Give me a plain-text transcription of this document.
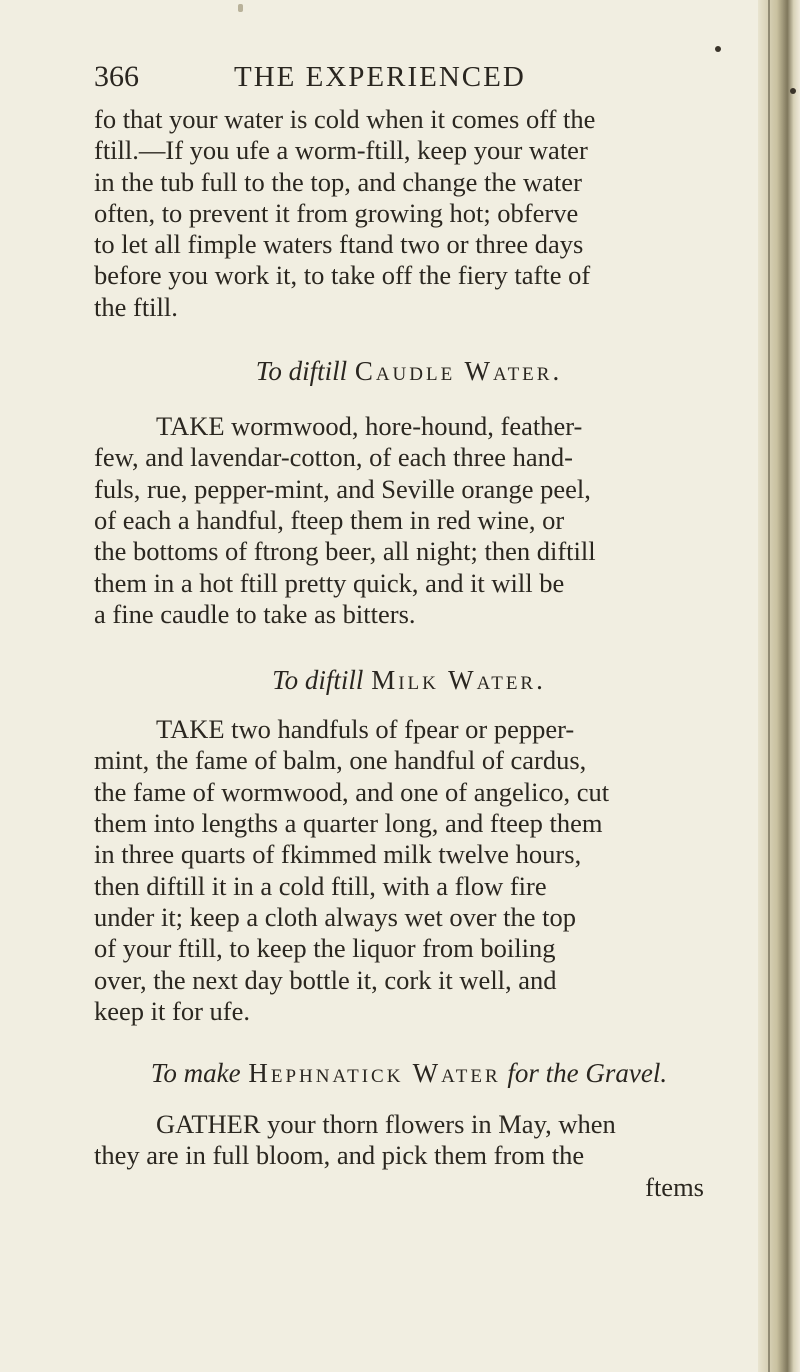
366	THE EXPERIENCED

fo that your water is cold when it comes off the
ftill.—If you ufe a worm-ftill, keep your water
in the tub full to the top, and change the water
often, to prevent it from growing hot; obferve
to let all fimple waters ftand two or three days
before you work it, to take off the fiery tafte of
the ftill.

To diftill Caudle Water.

TAKE wormwood, hore-hound, feather-
few, and lavendar-cotton, of each three hand-
fuls, rue, pepper-mint, and Seville orange peel,
of each a handful, fteep them in red wine, or
the bottoms of ftrong beer, all night; then diftill
them in a hot ftill pretty quick, and it will be
a fine caudle to take as bitters.

To diftill Milk Water.

TAKE two handfuls of fpear or pepper-
mint, the fame of balm, one handful of cardus,
the fame of wormwood, and one of angelico, cut
them into lengths a quarter long, and fteep them
in three quarts of fkimmed milk twelve hours,
then diftill it in a cold ftill, with a flow fire
under it; keep a cloth always wet over the top
of your ftill, to keep the liquor from boiling
over, the next day bottle it, cork it well, and
keep it for ufe.

To make Hephnatick Water for the Gravel.

GATHER your thorn flowers in May, when
they are in full bloom, and pick them from the
ftems
